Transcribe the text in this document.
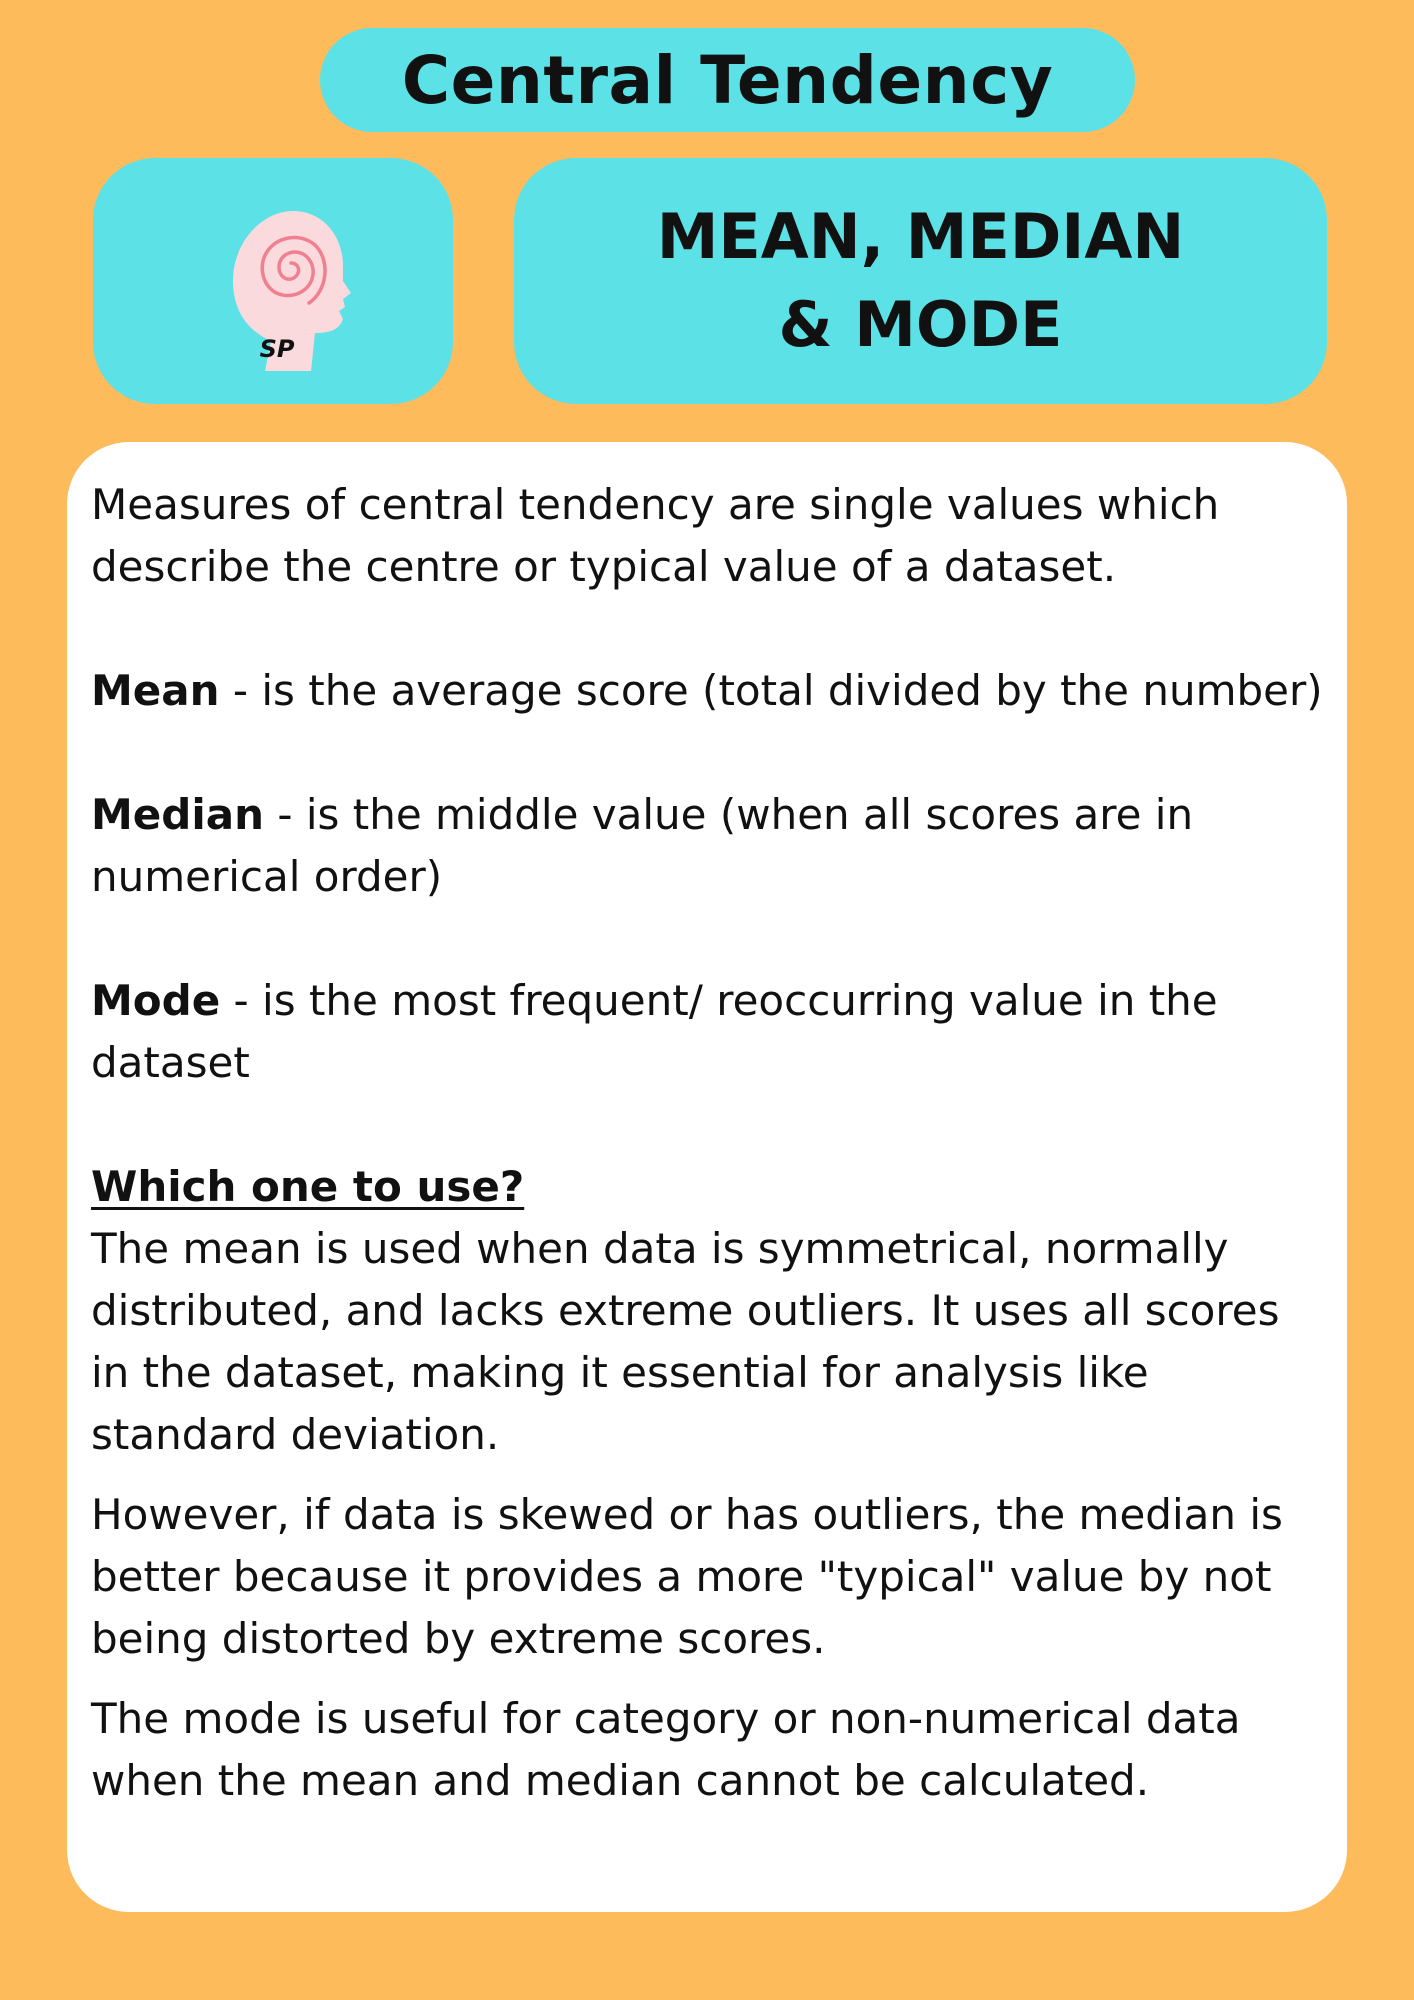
Central Tendency
SP
MEAN, MEDIAN
& MODE

Measures of central tendency are single values which describe the centre or typical value of a dataset.

Mean - is the average score (total divided by the number)

Median - is the middle value (when all scores are in numerical order)

Mode - is the most frequent/ reoccurring value in the dataset

Which one to use?

The mean is used when data is symmetrical, normally distributed, and lacks extreme outliers. It uses all scores in the dataset, making it essential for analysis like standard deviation.

However, if data is skewed or has outliers, the median is better because it provides a more "typical" value by not being distorted by extreme scores.

The mode is useful for category or non-numerical data when the mean and median cannot be calculated.
